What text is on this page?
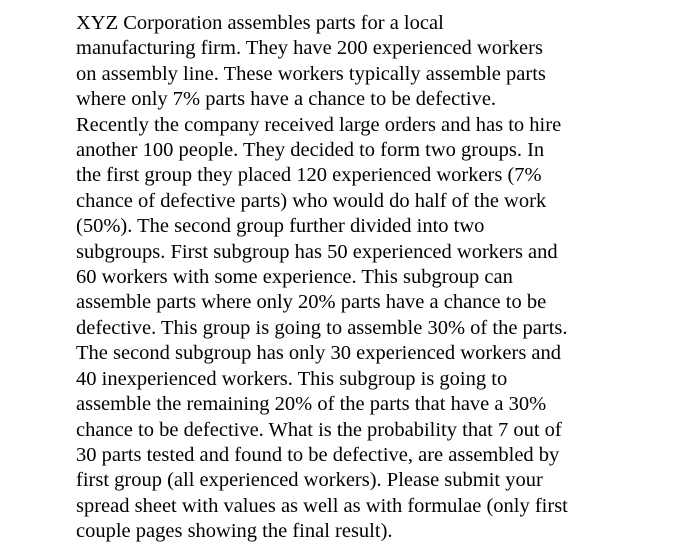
XYZ Corporation assembles parts for a local
manufacturing firm. They have 200 experienced workers
on assembly line. These workers typically assemble parts
where only 7% parts have a chance to be defective.
Recently the company received large orders and has to hire
another 100 people. They decided to form two groups. In
the first group they placed 120 experienced workers (7%
chance of defective parts) who would do half of the work
(50%). The second group further divided into two
subgroups. First subgroup has 50 experienced workers and
60 workers with some experience. This subgroup can
assemble parts where only 20% parts have a chance to be
defective. This group is going to assemble 30% of the parts.
The second subgroup has only 30 experienced workers and
40 inexperienced workers. This subgroup is going to
assemble the remaining 20% of the parts that have a 30%
chance to be defective. What is the probability that 7 out of
30 parts tested and found to be defective, are assembled by
first group (all experienced workers). Please submit your
spread sheet with values as well as with formulae (only first
couple pages showing the final result).
